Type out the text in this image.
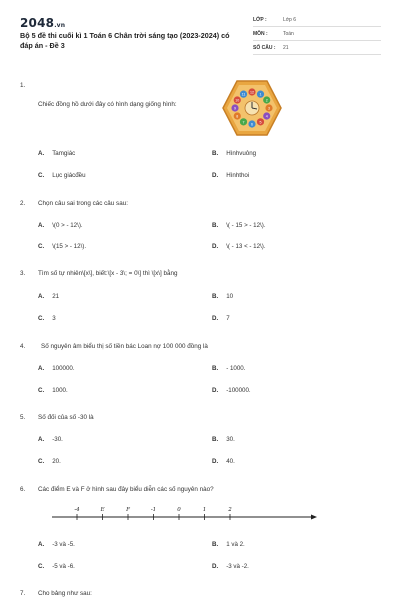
2048.vn
Bộ 5 đề thi cuối kì 1 Toán 6 Chân trời sáng tạo (2023-2024) có đáp án - Đề 3
LỚP :	Lớp 6
MÔN :	Toán
SỐ CÂU : 21
1.
Chiếc đồng hồ dưới đây có hình dạng giống hình:
12
1
2
3
4
5
6
7
8
9
10
11
A. Tamgiác	B. Hìnhvuông
C. Lục giácđều	D. Hìnhthoi
2. Chọn câu sai trong các câu sau:
A. \(0 > - 12\).	B. \( - 15 > - 12\).
C. \(15 > - 12\).	D. \( - 13 < - 12\).
3. Tìm số tự nhiên\[x\], biết:\[x - 3\; = 0\] thì \[x\] bằng
A. 21	B. 10
C. 3	D. 7
4. Số nguyên âm biểu thị số tiền bác Loan nợ 100 000 đồng là
A. 100000.	B. - 1000.
C. 1000.	D. -100000.
5. Số đối của số -30 là
A. -30.	B. 30.
C. 20.	D. 40.
6. Các điểm E và F ở hình sau đây biểu diễn các số nguyên nào?
-4	E	F	-1	0	1	2
A. -3 và -5.	B. 1 và 2.
C. -5 và -6.	D. -3 và -2.
7. Cho bảng như sau:
